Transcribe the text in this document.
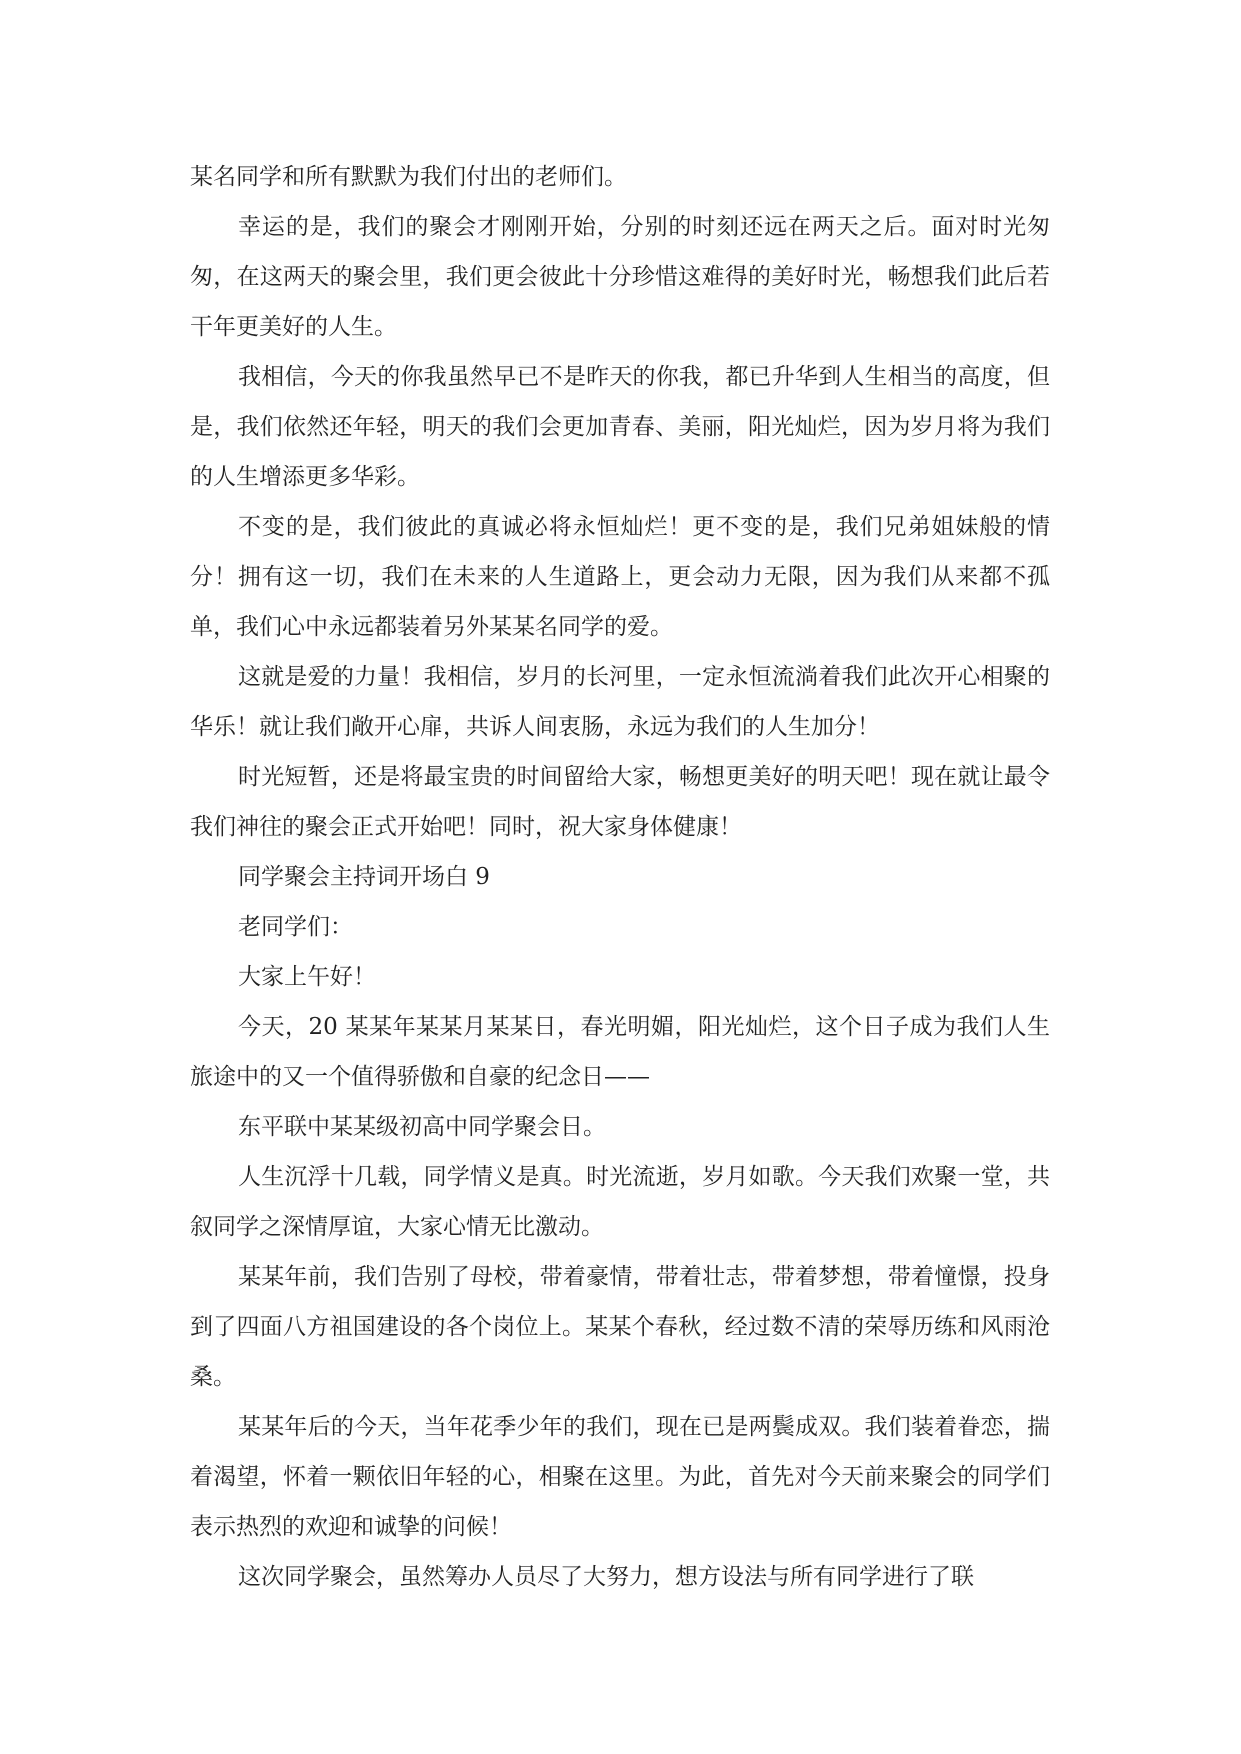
某名同学和所有默默为我们付出的老师们。

幸运的是，我们的聚会才刚刚开始，分别的时刻还远在两天之后。面对时光匆匆，在这两天的聚会里，我们更会彼此十分珍惜这难得的美好时光，畅想我们此后若干年更美好的人生。

我相信，今天的你我虽然早已不是昨天的你我，都已升华到人生相当的高度，但是，我们依然还年轻，明天的我们会更加青春、美丽，阳光灿烂，因为岁月将为我们的人生增添更多华彩。

不变的是，我们彼此的真诚必将永恒灿烂！更不变的是，我们兄弟姐妹般的情分！拥有这一切，我们在未来的人生道路上，更会动力无限，因为我们从来都不孤单，我们心中永远都装着另外某某名同学的爱。

这就是爱的力量！我相信，岁月的长河里，一定永恒流淌着我们此次开心相聚的华乐！就让我们敞开心扉，共诉人间衷肠，永远为我们的人生加分！

时光短暂，还是将最宝贵的时间留给大家，畅想更美好的明天吧！现在就让最令我们神往的聚会正式开始吧！同时，祝大家身体健康！

同学聚会主持词开场白 9

老同学们：

大家上午好！

今天，20 某某年某某月某某日，春光明媚，阳光灿烂，这个日子成为我们人生旅途中的又一个值得骄傲和自豪的纪念日——

东平联中某某级初高中同学聚会日。

人生沉浮十几载，同学情义是真。时光流逝，岁月如歌。今天我们欢聚一堂，共叙同学之深情厚谊，大家心情无比激动。

某某年前，我们告别了母校，带着豪情，带着壮志，带着梦想，带着憧憬，投身到了四面八方祖国建设的各个岗位上。某某个春秋，经过数不清的荣辱历练和风雨沧桑。

某某年后的今天，当年花季少年的我们，现在已是两鬓成双。我们装着眷恋，揣着渴望，怀着一颗依旧年轻的心，相聚在这里。为此，首先对今天前来聚会的同学们表示热烈的欢迎和诚挚的问候！

这次同学聚会，虽然筹办人员尽了大努力，想方设法与所有同学进行了联
